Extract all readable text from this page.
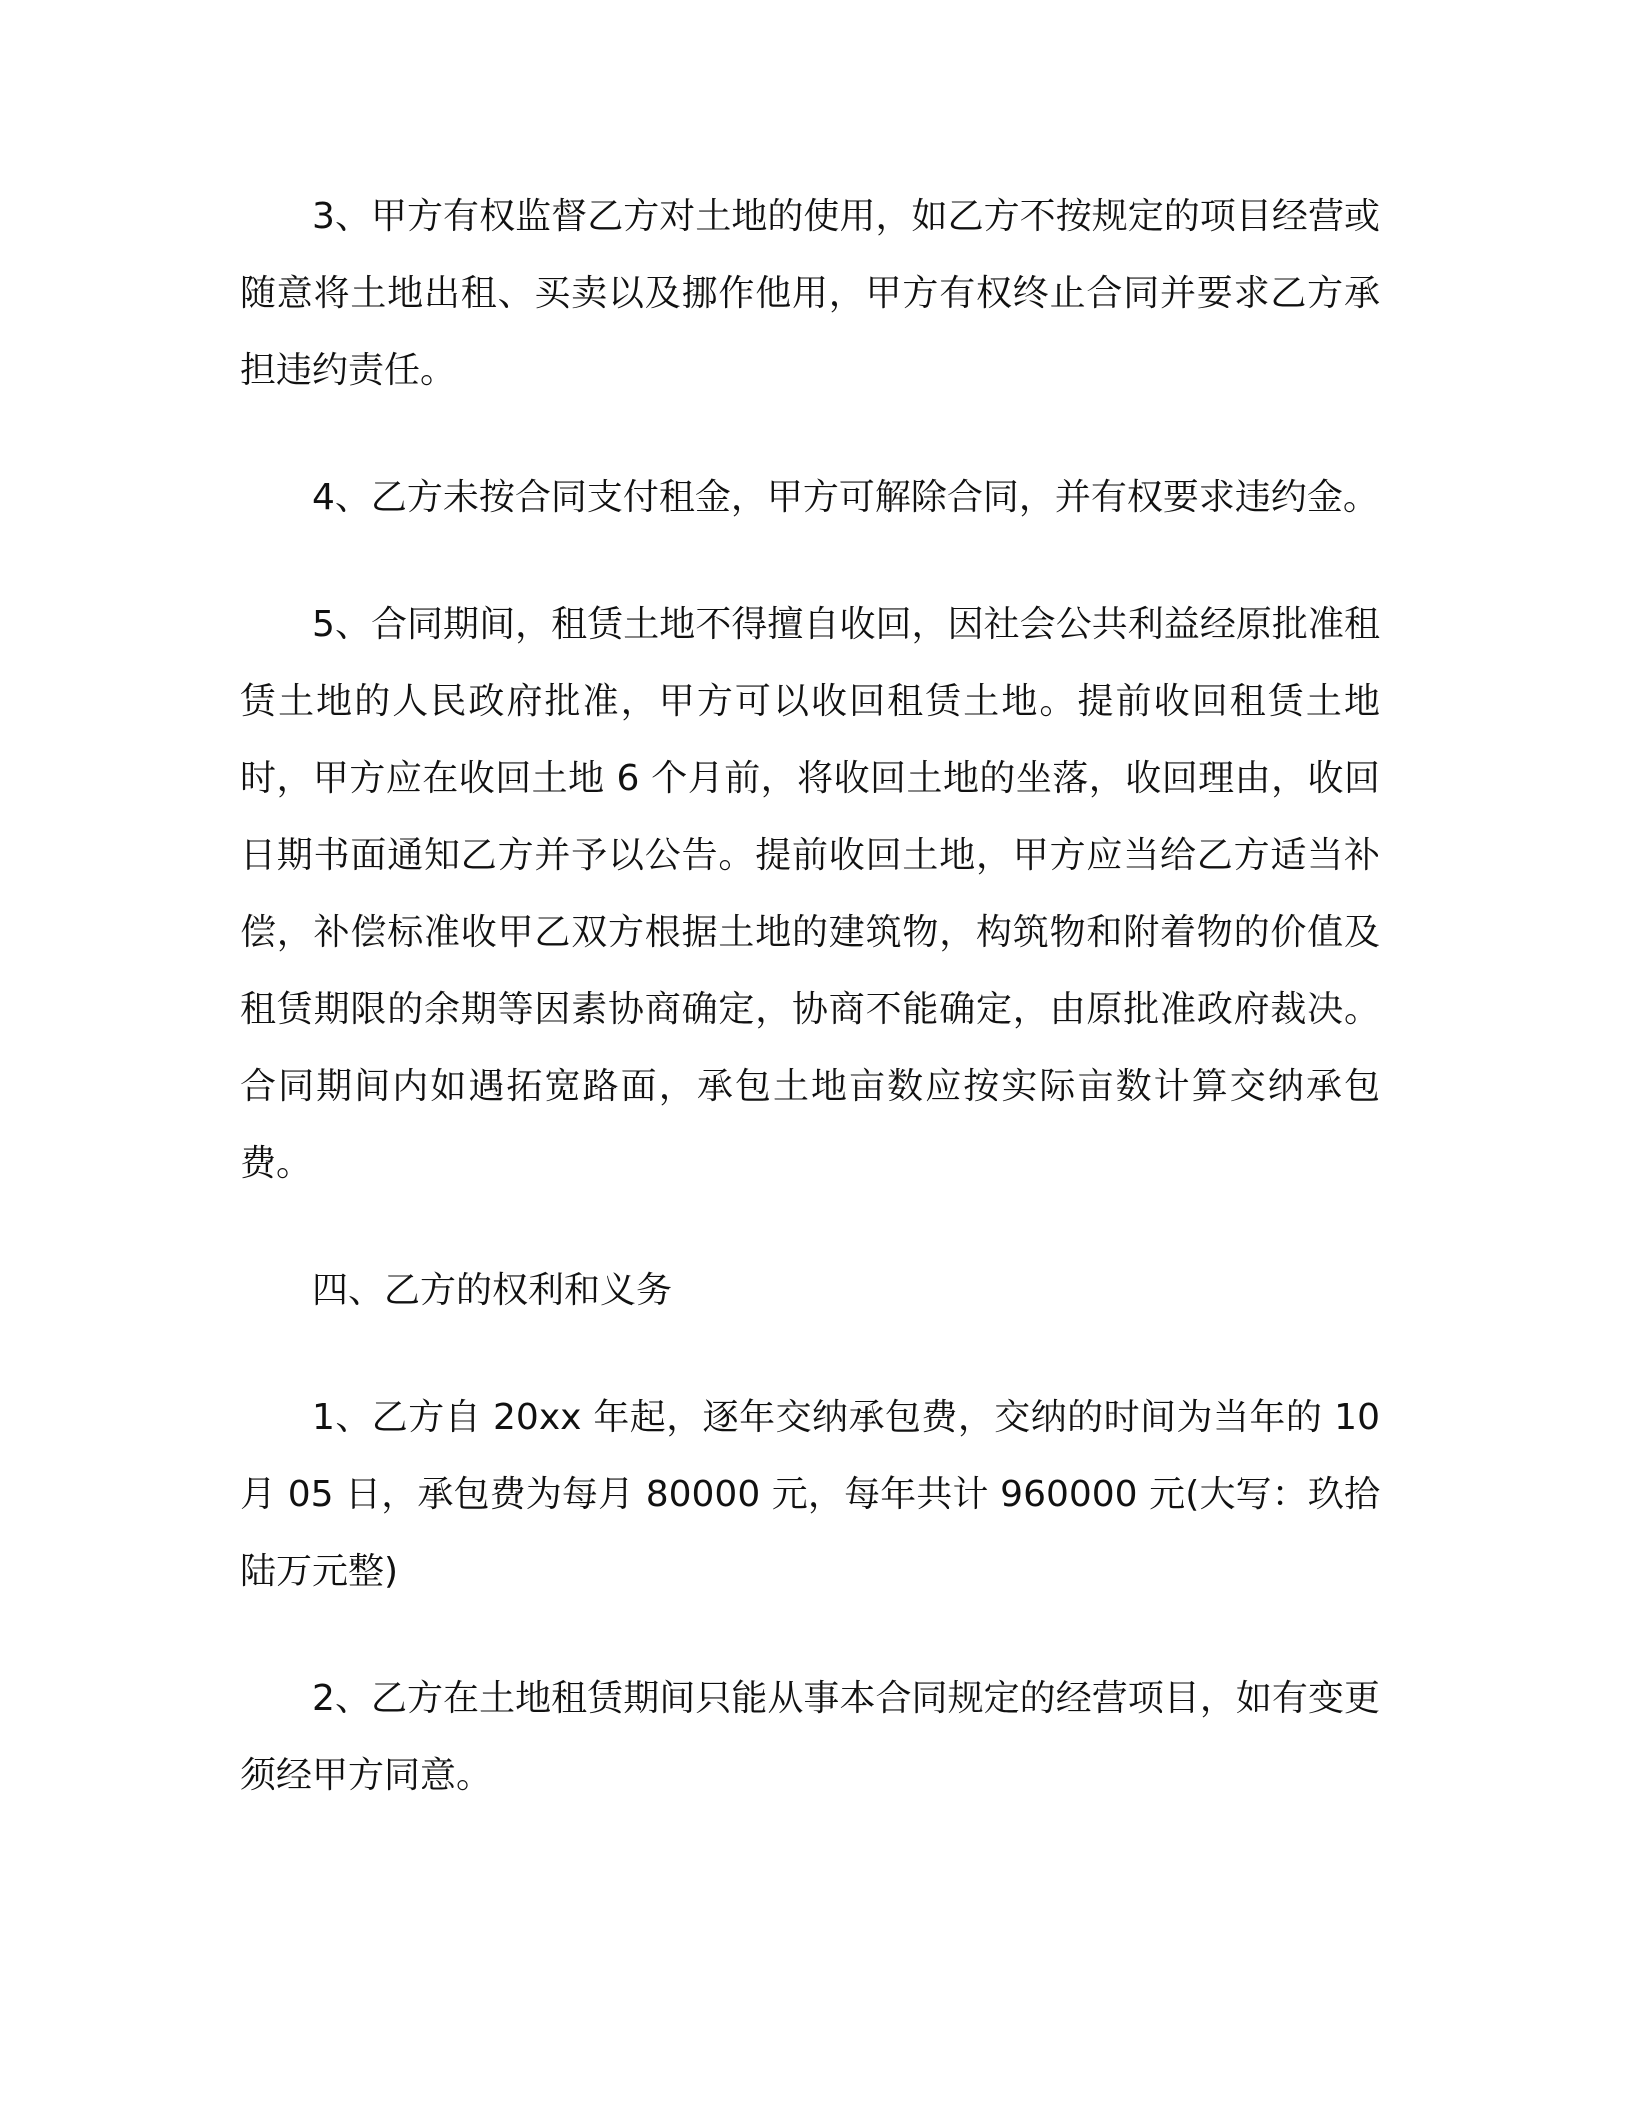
3、甲方有权监督乙方对土地的使用，如乙方不按规定的项目经营或随意将土地出租、买卖以及挪作他用，甲方有权终止合同并要求乙方承担违约责任。

4、乙方未按合同支付租金，甲方可解除合同，并有权要求违约金。

5、合同期间，租赁土地不得擅自收回，因社会公共利益经原批准租赁土地的人民政府批准，甲方可以收回租赁土地。提前收回租赁土地时，甲方应在收回土地 6 个月前，将收回土地的坐落，收回理由，收回日期书面通知乙方并予以公告。提前收回土地，甲方应当给乙方适当补偿，补偿标准收甲乙双方根据土地的建筑物，构筑物和附着物的价值及租赁期限的余期等因素协商确定，协商不能确定，由原批准政府裁决。合同期间内如遇拓宽路面，承包土地亩数应按实际亩数计算交纳承包费。

四、乙方的权利和义务

1、乙方自 20xx 年起，逐年交纳承包费，交纳的时间为当年的 10 月 05 日，承包费为每月 80000 元，每年共计 960000 元(大写：玖拾陆万元整)

2、乙方在土地租赁期间只能从事本合同规定的经营项目，如有变更须经甲方同意。
